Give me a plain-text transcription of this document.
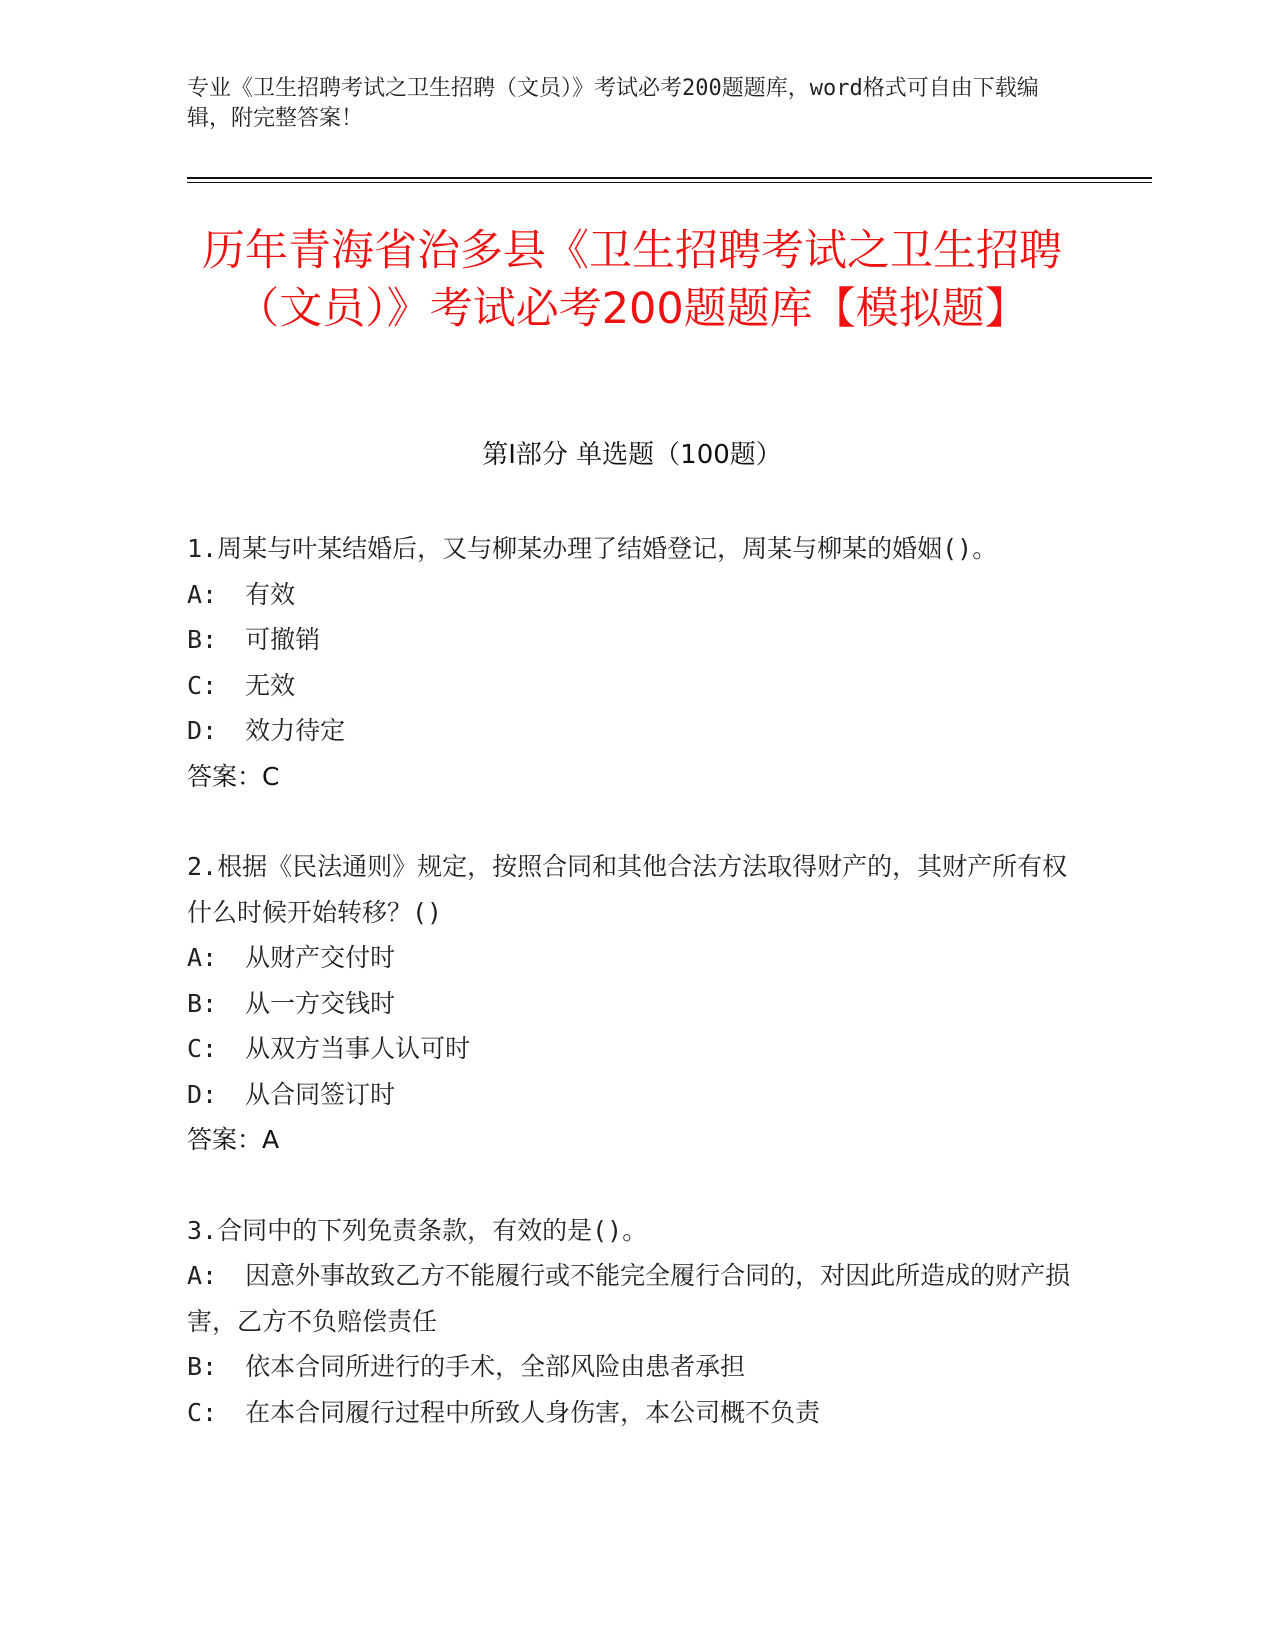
专业《卫生招聘考试之卫生招聘（文员）》考试必考200题题库，word格式可自由下载编辑，附完整答案！
历年青海省治多县《卫生招聘考试之卫生招聘（文员）》考试必考200题题库【模拟题】
第Ⅰ部分 单选题（100题）

1.周某与叶某结婚后，又与柳某办理了结婚登记，周某与柳某的婚姻()。

A: 有效

B: 可撤销

C: 无效

D: 效力待定

答案：C

2.根据《民法通则》规定，按照合同和其他合法方法取得财产的，其财产所有权什么时候开始转移？()

A: 从财产交付时

B: 从一方交钱时

C: 从双方当事人认可时

D: 从合同签订时

答案：A

3.合同中的下列免责条款，有效的是()。

A: 因意外事故致乙方不能履行或不能完全履行合同的，对因此所造成的财产损害，乙方不负赔偿责任

B: 依本合同所进行的手术，全部风险由患者承担

C: 在本合同履行过程中所致人身伤害，本公司概不负责
